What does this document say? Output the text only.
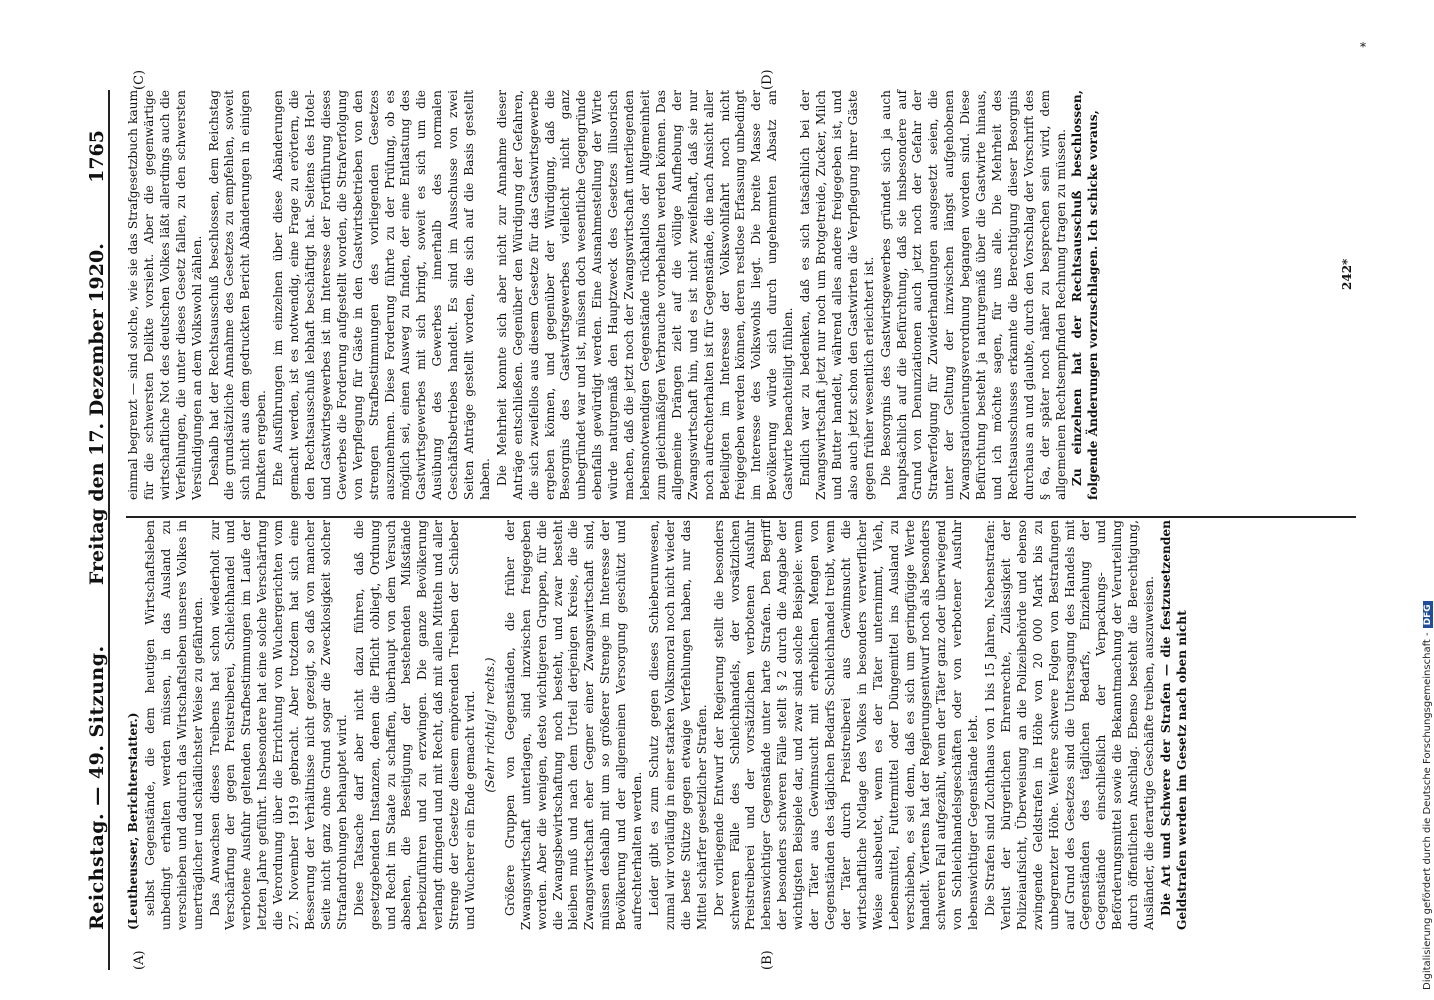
Reichstag. — 49. Sitzung.
Freitag den 17. Dezember 1920.
1765
(A)	(B)
(C)	(D)

(Leutheusser, Berichterstatter.) selbst Gegenstände, die dem heutigen Wirtschaftsleben unbedingt erhalten werden müssen, in das Ausland zu verschieben und dadurch das Wirtschaftsleben unseres Volkes in unerträglicher und schädlichster Weise zu gefährden. Das Anwachsen dieses Treibens hat schon wiederholt zur Verschärfung der gegen Preistreiberei, Schleichhandel und verbotene Ausfuhr geltenden Strafbestimmungen im Laufe der letzten Jahre geführt. Insbesondere hat eine solche Verschärfung die Verordnung über die Errichtung von Wuchergerichten vom 27. November 1919 gebracht. Aber trotzdem hat sich eine Besserung der Verhältnisse nicht gezeigt, so daß von mancher Seite nicht ganz ohne Grund sogar die Zwecklosigkeit solcher Strafandrohungen behauptet wird. Diese Tatsache darf aber nicht dazu führen, daß die gesetzgebenden Instanzen, denen die Pflicht obliegt, Ordnung und Recht im Staate zu schaffen, überhaupt von dem Versuch absehen, die Beseitigung der bestehenden Mißstände herbeizuführen und zu erzwingen. Die ganze Bevölkerung verlangt dringend und mit Recht, daß mit allen Mitteln und aller Strenge der Gesetze diesem empörenden Treiben der Schieber und Wucherer ein Ende gemacht wird. (Sehr richtig! rechts.) Größere Gruppen von Gegenständen, die früher der Zwangswirtschaft unterlagen, sind inzwischen freigegeben worden. Aber die wenigen, desto wichtigeren Gruppen, für die die Zwangsbewirtschaftung noch besteht, und zwar besteht bleiben muß und nach dem Urteil derjenigen Kreise, die die Zwangswirtschaft eher Gegner einer Zwangswirtschaft sind, müssen deshalb mit um so größerer Strenge im Interesse der Bevölkerung und der allgemeinen Versorgung geschützt und aufrechterhalten werden. Leider gibt es zum Schutz gegen dieses Schieberunwesen, zumal wir vorläufig in einer starken Volksmoral noch nicht wieder die beste Stütze gegen etwaige Verfehlungen haben, nur das Mittel schärfer gesetzlicher Strafen. Der vorliegende Entwurf der Regierung stellt die besonders schweren Fälle des Schleichhandels, der vorsätzlichen Preistreiberei und der vorsätzlichen verbotenen Ausfuhr lebenswichtiger Gegenstände unter harte Strafen. Den Begriff der besonders schweren Fälle stellt § 2 durch die Angabe der wichtigsten Beispiele dar, und zwar sind solche Beispiele: wenn der Täter aus Gewinnsucht mit erheblichen Mengen von Gegenständen des täglichen Bedarfs Schleichhandel treibt, wenn der Täter durch Preistreiberei aus Gewinnsucht die wirtschaftliche Notlage des Volkes in besonders verwerflicher Weise ausbeutet, wenn es der Täter unternimmt, Vieh, Lebensmittel, Futtermittel oder Düngemittel ins Ausland zu verschieben, es sei denn, daß es sich um geringfügige Werte handelt. Viertens hat der Regierungsentwurf noch als besonders schweren Fall aufgezählt, wenn der Täter ganz oder überwiegend von Schleichhandelsgeschäften oder von verbotener Ausfuhr lebenswichtiger Gegenstände lebt. Die Strafen sind Zuchthaus von 1 bis 15 Jahren, Nebenstrafen: Verlust der bürgerlichen Ehrenrechte, Zulässigkeit der Polizeiaufsicht, Überweisung an die Polizeibehörde und ebenso zwingende Geldstrafen in Höhe von 20 000 Mark bis zu unbegrenzter Höhe. Weitere schwere Folgen von Bestrafungen auf Grund des Gesetzes sind die Untersagung des Handels mit Gegenständen des täglichen Bedarfs, Einziehung der Gegenstände einschließlich der Verpackungs- und Beförderungsmittel sowie die Bekanntmachung der Verurteilung durch öffentlichen Anschlag. Ebenso besteht die Berechtigung, Ausländer, die derartige Geschäfte treiben, auszuweisen. Die Art und Schwere der Strafen — die festzusetzenden Geldstrafen werden im Gesetz nach oben nicht

einmal begrenzt — sind solche, wie sie das Strafgesetzbuch kaum für die schwersten Delikte vorsieht. Aber die gegenwärtige wirtschaftliche Not des deutschen Volkes läßt allerdings auch die Verfehlungen, die unter dieses Gesetz fallen, zu den schwersten Versündigungen an dem Volkswohl zählen. Deshalb hat der Rechtsausschuß beschlossen, dem Reichstag die grundsätzliche Annahme des Gesetzes zu empfehlen, soweit sich nicht aus dem gedruckten Bericht Abänderungen in einigen Punkten ergeben. Ehe Ausführungen im einzelnen über diese Abänderungen gemacht werden, ist es notwendig, eine Frage zu erörtern, die den Rechtsausschuß lebhaft beschäftigt hat. Seitens des Hotel- und Gastwirtsgewerbes ist im Interesse der Fortführung dieses Gewerbes die Forderung aufgestellt worden, die Strafverfolgung von Verpflegung für Gäste in den Gastwirtsbetrieben von den strengen Strafbestimmungen des vorliegenden Gesetzes auszunehmen. Diese Forderung führte zu der Prüfung, ob es möglich sei, einen Ausweg zu finden, der eine Entlastung des Gastwirtsgewerbes mit sich bringt, soweit es sich um die Ausübung des Gewerbes innerhalb des normalen Geschäftsbetriebes handelt. Es sind im Ausschusse von zwei Seiten Anträge gestellt worden, die sich auf die Basis gestellt haben. Die Mehrheit konnte sich aber nicht zur Annahme dieser Anträge entschließen. Gegenüber den Würdigung der Gefahren, die sich zweifellos aus diesem Gesetze für das Gastwirtsgewerbe ergeben können, und gegenüber der Würdigung, daß die Besorgnis des Gastwirtsgewerbes vielleicht nicht ganz unbegründet war und ist, müssen doch wesentliche Gegengründe ebenfalls gewürdigt werden. Eine Ausnahmestellung der Wirte würde naturgemäß den Hauptzweck des Gesetzes illusorisch machen, daß die jetzt noch der Zwangswirtschaft unterliegenden lebensnotwendigen Gegenstände rückhaltlos der Allgemeinheit zum gleichmäßigen Verbrauche vorbehalten werden können. Das allgemeine Drängen zielt auf die völlige Aufhebung der Zwangswirtschaft hin, und es ist nicht zweifelhaft, daß sie nur noch aufrechterhalten ist für Gegenstände, die nach Ansicht aller Beteiligten im Interesse der Volkswohlfahrt noch nicht freigegeben werden können, deren restlose Erfassung unbedingt im Interesse des Volkswohls liegt. Die breite Masse der Bevölkerung würde sich durch ungehemmten Absatz an Gastwirte benachteiligt fühlen. Endlich war zu bedenken, daß es sich tatsächlich bei der Zwangswirtschaft jetzt nur noch um Brotgetreide, Zucker, Milch und Butter handelt, während alles andere freigegeben ist, und also auch jetzt schon den Gastwirten die Verpflegung ihrer Gäste gegen früher wesentlich erleichtert ist. Die Besorgnis des Gastwirtsgewerbes gründet sich ja auch hauptsächlich auf die Befürchtung, daß sie insbesondere auf Grund von Denunziationen auch jetzt noch der Gefahr der Strafverfolgung für Zuwiderhandlungen ausgesetzt seien, die unter der Geltung der inzwischen längst aufgehobenen Zwangsrationierungsverordnung begangen worden sind. Diese Befürchtung besteht ja naturgemäß über die Gastwirte hinaus, und ich möchte sagen, für uns alle. Die Mehrheit des Rechtsausschusses erkannte die Berechtigung dieser Besorgnis durchaus an und glaubte, durch den Vorschlag der Vorschrift des § 6a, der später noch näher zu besprechen sein wird, dem allgemeinen Rechtsempfinden Rechnung tragen zu müssen. Zu einzelnen hat der Rechtsausschuß beschlossen, folgende Änderungen vorzuschlagen. Ich schicke voraus,	242*
*
Digitalisierung gefördert durch die Deutsche Forschungsgemeinschaft -DFG
